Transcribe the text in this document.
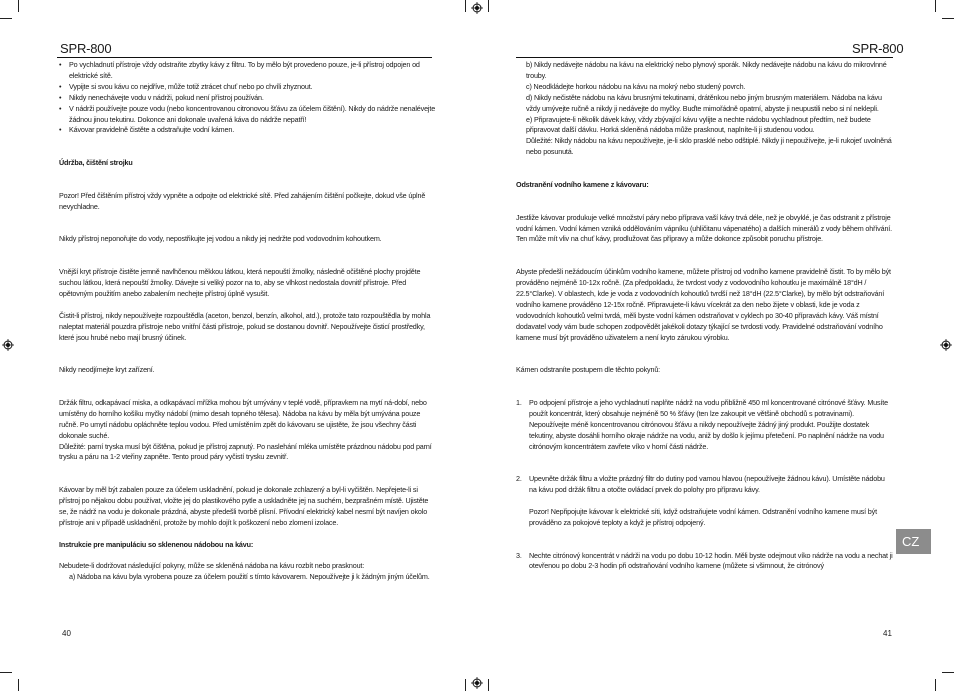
SPR-800
• Po vychladnutí přístroje vždy odstraňte zbytky kávy z filtru. To by mělo být provedeno pouze, je-li přístroj odpojen od elektrické sítě.
• Vypijte si svou kávu co nejdříve, může totiž ztrácet chuť nebo po chvíli zhyznout.
• Nikdy nenechávejte vodu v nádrži, pokud není přístroj používán.
• V nádrži používejte pouze vodu (nebo koncentrovanou citronovou šťávu za účelem čištění). Nikdy do nádrže nenalévejte žádnou jinou tekutinu. Dokonce ani dokonale uvařená káva do nádrže nepatří!
• Kávovar pravidelně čistěte a odstraňujte vodní kámen.

Údržba, čištění strojku

Pozor! Před čištěním přístroj vždy vypněte a odpojte od elektrické sítě. Před zahájením čištění počkejte, dokud vše úplně nevychladne.

Nikdy přístroj neponořujte do vody, nepostřikujte jej vodou a nikdy jej nedržte pod vodovodním kohoutkem.

Vnější kryt přístroje čistěte jemně navlhčenou měkkou látkou, která nepouští žmolky, následně očištěné plochy projděte suchou látkou, která nepouští žmolky. Dávejte si veliký pozor na to, aby se vlhkost nedostala dovnitř přístroje. Před opětovným použitím anebo zabalením nechejte přístroj úplně vysušit.

Čistit-li přístroj, nikdy nepoužívejte rozpouštědla (aceton, benzol, benzín, alkohol, atd.), protože tato rozpouštědla by mohla naleptat materiál pouzdra přístroje nebo vnitřní části přístroje, pokud se dostanou dovnitř. Nepoužívejte čisticí prostředky, které jsou hrubé nebo mají brusný účinek.

Nikdy neodjímejte kryt zařízení.

Držák filtru, odkapávací miska, a odkapávací mřížka mohou být umývány v teplé vodě, přípravkem na mytí ná-dobí, nebo umístěny do horního košíku myčky nádobí (mimo desah topného tělesa). Nádoba na kávu by měla být umývána pouze ručně. Po umytí nádobu opláchněte teplou vodou. Před umístěním zpět do kávovaru se ujistěte, že jsou všechny části dokonale suché.

Důležité: parní tryska musí být čištěna, pokud je přístroj zapnutý. Po naslehání mléka umístěte prázdnou nádobu pod parní trysku a páru na 1-2 vteřiny zapněte. Tento proud páry vyčistí trysku zevnitř.

Kávovar by měl být zabalen pouze za účelem uskladnění, pokud je dokonale zchlazený a byl-li vyčištěn. Nepřejete-li si přístroj po nějakou dobu používat, vložte jej do plastikového pytle a uskladněte jej na suchém, bezprašném místě. Ujistěte se, že nádrž na vodu je dokonale prázdná, abyste předešli tvorbě plísní. Přívodní elektrický kabel nesmí být navíjen okolo přístroje ani v případě uskladnění, protože by mohlo dojít k poškození nebo zlomení izolace.

Instrukcie pre manipuláciu so sklenenou nádobou na kávu:

Nebudete-li dodržovat následující pokyny, může se skleněná nádoba na kávu rozbít nebo prasknout:

a) Nádoba na kávu byla vyrobena pouze za účelem použití s tímto kávovarem. Nepoužívejte ji k žádným jiným účelům.

40
SPR-800

b) Nikdy nedávejte nádobu na kávu na elektrický nebo plynový sporák. Nikdy nedávejte nádobu na kávu do mikrovlnné trouby.

c) Neodkládejte horkou nádobu na kávu na mokrý nebo studený povrch.

d) Nikdy nečistěte nádobu na kávu brusnými tekutinami, drátěnkou nebo jiným brusným materiálem. Nádoba na kávu vždy umývejte ručně a nikdy ji nedávejte do myčky. Buďte mimořádně opatrní, abyste ji neupustili nebo si ní neklepli.

e) Připravujete-li několik dávek kávy, vždy zbývající kávu vylijte a nechte nádobu vychladnout předtím, než budete připravovat další dávku. Horká skleněná nádoba může prasknout, naplníte-li ji studenou vodou.

Důležité: Nikdy nádobu na kávu nepoužívejte, je-li sklo prasklé nebo odštiplé. Nikdy ji nepoužívejte, je-li rukojeť uvolněná nebo posunutá.

Odstranění vodního kamene z kávovaru:

Jestliže kávovar produkuje velké množství páry nebo příprava vaší kávy trvá déle, než je obvyklé, je čas odstranit z přístroje vodní kámen. Vodní kámen vzniká oddělováním vápníku (uhličitanu vápenatého) a dalších minerálů z vody během ohřívání. Ten může mít vliv na chuť kávy, prodlužovat čas přípravy a může dokonce způsobit poruchu přístroje.

Abyste předešli nežádoucím účinkům vodního kamene, můžete přístroj od vodního kamene pravidelně čistit. To by mělo být prováděno nejméně 10-12x ročně. (Za předpokladu, že tvrdost vody z vodovodního kohoutku je maximálně 18°dH / 22.5°Clarke). V oblastech, kde je voda z vodovodních kohoutků tvrdší než 18°dH (22.5°Clarke), by mělo být odstraňování vodního kamene prováděno 12-15x ročně. Připravujete-li kávu vícekrát za den nebo žijete v oblasti, kde je voda z vodovodních kohoutků velmi tvrdá, měli byste vodní kámen odstraňovat v cyklech po 30-40 přípravách kávy. Váš místní dodavatel vody vám bude schopen zodpovědět jakékoli dotazy týkající se tvrdosti vody. Pravidelné odstraňování vodního kamene musí být prováděno uživatelem a není kryto zárukou výrobku.

Kámen odstraníte postupem dle těchto pokynů:

1. Po odpojení přístroje a jeho vychladnutí naplňte nádrž na vodu přibližně 450 ml koncentrované citrónové šťávy. Musíte použít koncentrát, který obsahuje nejméně 50 % šťávy (ten lze zakoupit ve většině obchodů s potravinami). Nepoužívejte méně koncentrovanou citrónovou šťávu a nikdy nepoužívejte žádný jiný produkt. Použijte dostatek tekutiny, abyste dosáhli horního okraje nádrže na vodu, aniž by došlo k jejímu přetečení. Po naplnění nádrže na vodu citrónovým koncentrátem zavřete víko v horní části nádrže.

2. Upevněte držák filtru a vložte prázdný filtr do dutiny pod varnou hlavou (nepoužívejte žádnou kávu). Umístěte nádobu na kávu pod držák filtru a otočte ovládací prvek do polohy pro přípravu kávy.

Pozor! Nepřipojujte kávovar k elektrické síti, když odstraňujete vodní kámen. Odstranění vodního kamene musí být prováděno za pokojové teploty a když je přístroj odpojený.

3. Nechte citrónový koncentrát v nádrži na vodu po dobu 10-12 hodin. Měli byste odejmout víko nádrže na vodu a nechat ji otevřenou po dobu 2-3 hodin při odstraňování vodního kamene (můžete si všimnout, že citrónový

41
CZ
